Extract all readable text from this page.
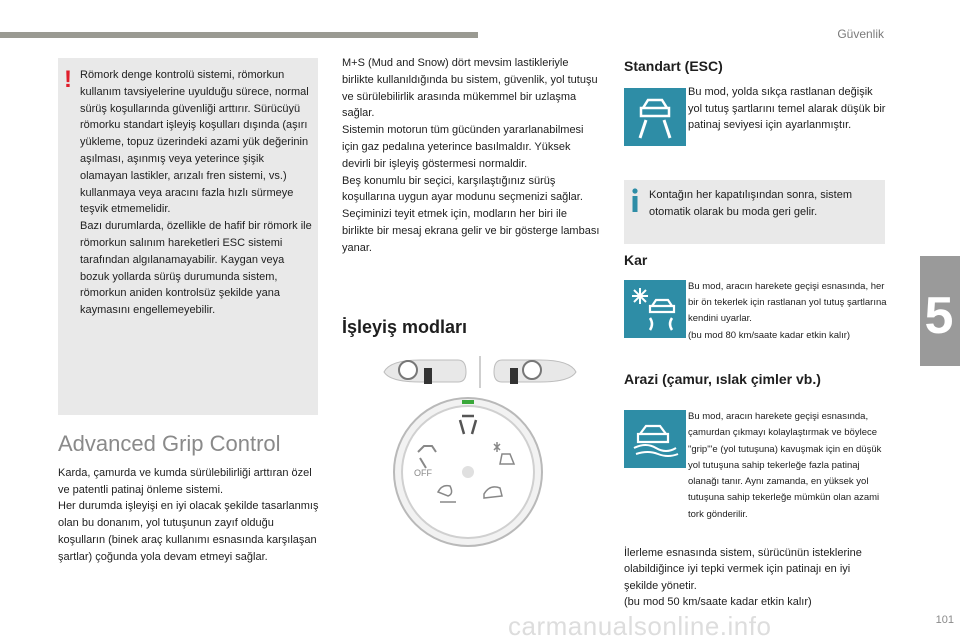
Güvenlik
5
! Römork denge kontrolü sistemi, römorkun kullanım tavsiyelerine uyulduğu sürece, normal sürüş koşullarında güvenliği arttırır. Sürücüyü römorku standart işleyiş koşulları dışında (aşırı yükleme, topuz üzerindeki azami yük değerinin aşılması, aşınmış veya yeterince şişik olamayan lastikler, arızalı fren sistemi, vs.) kullanmaya veya aracını fazla hızlı sürmeye teşvik etmemelidir.
Bazı durumlarda, özellikle de hafif bir römork ile römorkun salınım hareketleri ESC sistemi tarafından algılanamayabilir. Kaygan veya bozuk yollarda sürüş durumunda sistem, römorkun aniden kontrolsüz şekilde yana kaymasını engellemeyebilir.
Advanced Grip Control
Karda, çamurda ve kumda sürülebilirliği arttıran özel ve patentli patinaj önleme sistemi.
Her durumda işleyişi en iyi olacak şekilde tasarlanmış olan bu donanım, yol tutuşunun zayıf olduğu koşulların (binek araç kullanımı esnasında karşılaşan şartlar) çoğunda yola devam etmeyi sağlar.
M+S (Mud and Snow) dört mevsim lastikleriyle birlikte kullanıldığında bu sistem, güvenlik, yol tutuşu ve sürülebilirlik arasında mükemmel bir uzlaşma sağlar.
Sistemin motorun tüm gücünden yararlanabilmesi için gaz pedalına yeterince basılmaldır. Yüksek devirli bir işleyiş göstermesi normaldir.
Beş konumlu bir seçici, karşılaştığınız sürüş koşullarına uygun ayar modunu seçmenizi sağlar.
Seçiminizi teyit etmek için, modların her biri ile birlikte bir mesaj ekrana gelir ve bir gösterge lambası yanar.
İşleyiş modları
OFF
Standart (ESC)
Bu mod, yolda sıkça rastlanan değişik yol tutuş şartlarını temel alarak düşük bir patinaj seviyesi için ayarlanmıştır.
Kontağın her kapatılışından sonra, sistem otomatik olarak bu moda geri gelir.
Kar
Bu mod, aracın harekete geçişi esnasında, her bir ön tekerlek için rastlanan yol tutuş şartlarına kendini uyarlar.
(bu mod 80 km/saate kadar etkin kalır)
Arazi (çamur, ıslak çimler vb.)
Bu mod, aracın harekete geçişi esnasında, çamurdan çıkmayı kolaylaştırmak ve böylece "grip"'e (yol tutuşuna) kavuşmak için en düşük yol tutuşuna sahip tekerleğe fazla patinaj olanağı tanır. Aynı zamanda, en yüksek yol tutuşuna sahip tekerleğe mümkün olan azami tork gönderilir.
İlerleme esnasında sistem, sürücünün isteklerine olabildiğince iyi tepki vermek için patinajı en iyi şekilde yönetir.
(bu mod 50 km/saate kadar etkin kalır)
carmanualsonline.info	101
